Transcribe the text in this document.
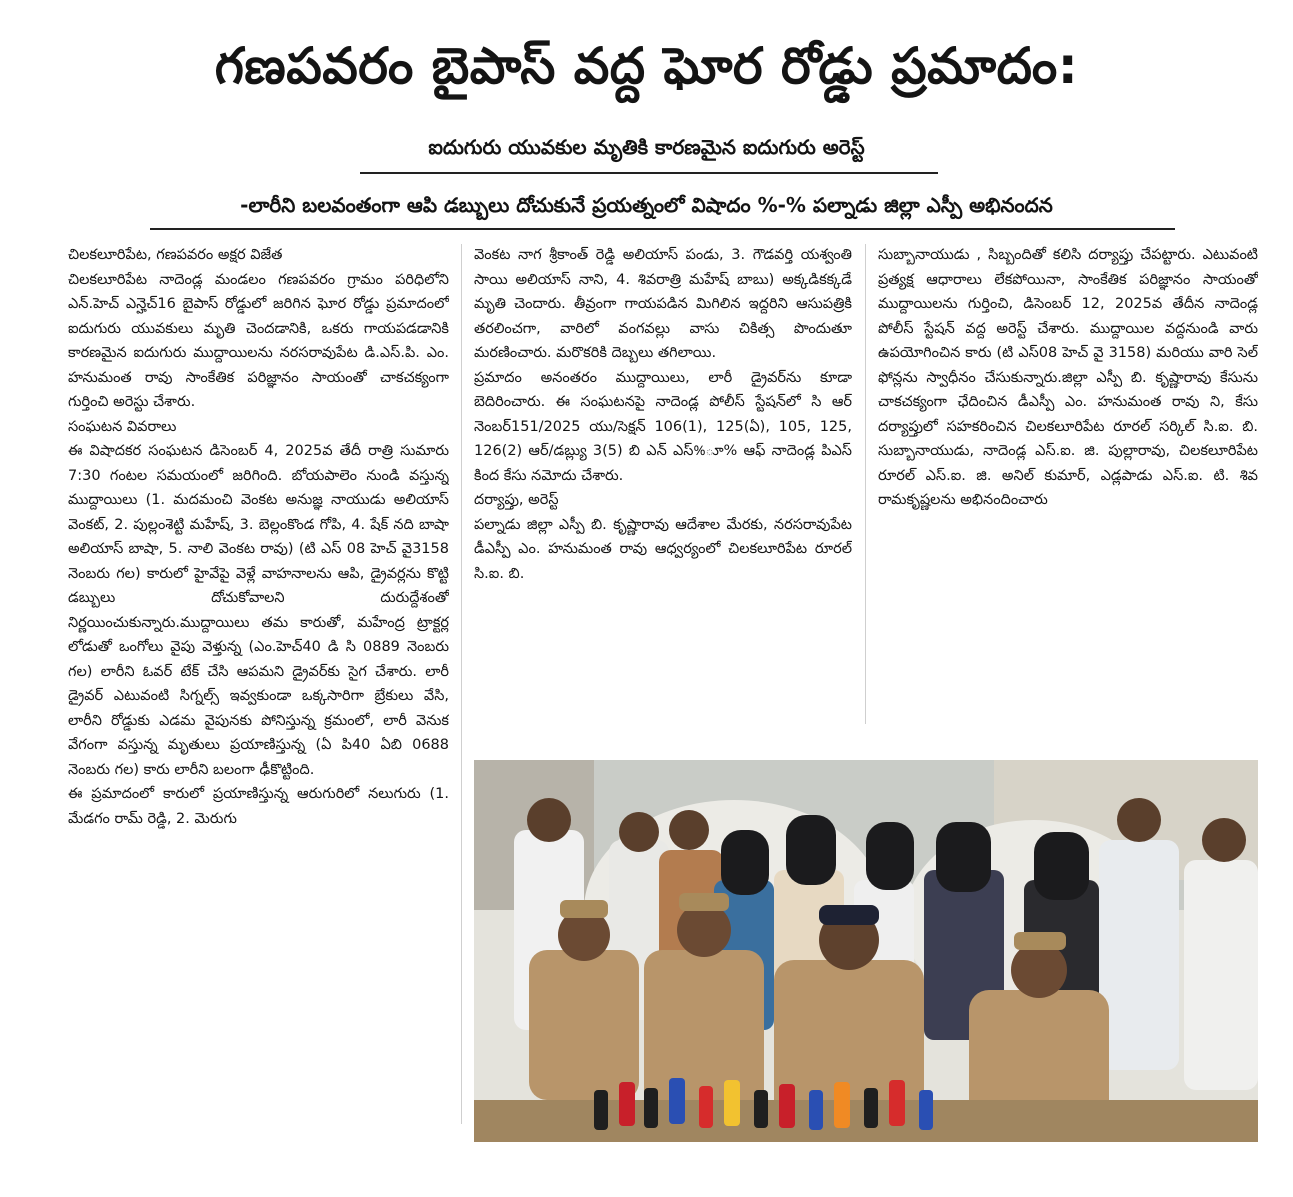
గణపవరం బైపాస్ వద్ద ఘోర రోడ్డు ప్రమాదం:
ఐదుగురు యువకుల మృతికి కారణమైన ఐదుగురు అరెస్ట్
-లారీని బలవంతంగా ఆపి డబ్బులు దోచుకునే ప్రయత్నంలో విషాదం %-% పల్నాడు జిల్లా ఎస్పీ అభినందన

చిలకలూరిపేట, గణపవరం అక్షర విజేత

చిలకలూరిపేట నాదెండ్ల మండలం గణపవరం గ్రామం పరిధిలోని ఎన్.హెచ్ ఎన్హెచ్16 బైపాస్ రోడ్డులో జరిగిన ఘోర రోడ్డు ప్రమాదంలో ఐదుగురు యువకులు మృతి చెందడానికి, ఒకరు గాయపడడానికి కారణమైన ఐదుగురు ముద్దాయిలను నరసరావుపేట డి.ఎస్.పి. ఎం. హనుమంత రావు సాంకేతిక పరిజ్ఞానం సాయంతో చాకచక్యంగా గుర్తించి అరెస్టు చేశారు.

సంఘటన వివరాలు

ఈ విషాదకర సంఘటన డిసెంబర్ 4, 2025వ తేదీ రాత్రి సుమారు 7:30 గంటల సమయంలో జరిగింది. బోయపాలెం నుండి వస్తున్న ముద్దాయిలు (1. మదమంచి వెంకట అనుజ్ఞ నాయుడు అలియాస్ వెంకట్, 2. పుల్లంశెట్టి మహేష్, 3. బెల్లంకొండ గోపి, 4. షేక్ నది బాషా అలియాస్ బాషా, 5. నాలి వెంకట రావు) (టి ఎస్ 08 హెచ్ వై3158 నెంబరు గల) కారులో హైవేపై వెళ్లే వాహనాలను ఆపి, డ్రైవర్లను కొట్టి డబ్బులు దోచుకోవాలని దురుద్దేశంతో నిర్ణయించుకున్నారు.ముద్దాయిలు తమ కారుతో, మహేంద్ర ట్రాక్టర్ల లోడుతో ఒంగోలు వైపు వెళ్తున్న (ఎం.హెచ్40 డి సి 0889 నెంబరు గల) లారీని ఓవర్ టేక్ చేసి ఆపమని డ్రైవర్‌కు సైగ చేశారు. లారీ డ్రైవర్ ఎటువంటి సిగ్నల్స్ ఇవ్వకుండా ఒక్కసారిగా బ్రేకులు వేసి, లారీని రోడ్డుకు ఎడమ వైపునకు పోనిస్తున్న క్రమంలో, లారీ వెనుక వేగంగా వస్తున్న మృతులు ప్రయాణిస్తున్న (ఏ పి40 ఏబి 0688 నెంబరు గల) కారు లారీని బలంగా ఢీకొట్టింది.

ఈ ప్రమాదంలో కారులో ప్రయాణిస్తున్న ఆరుగురిలో నలుగురు (1. మేడగం రామ్ రెడ్డి, 2. మెరుగు

వెంకట నాగ శ్రీకాంత్ రెడ్డి అలియాస్ పండు, 3. గౌడవర్తి యశ్వంతి సాయి అలియాస్ నాని, 4. శివరాత్రి మహేష్ బాబు) అక్కడికక్కడే మృతి చెందారు. తీవ్రంగా గాయపడిన మిగిలిన ఇద్దరిని ఆసుపత్రికి తరలించగా, వారిలో వంగవల్లు వాసు చికిత్స పొందుతూ మరణించారు. మరొకరికి దెబ్బలు తగిలాయి.

ప్రమాదం అనంతరం ముద్దాయిలు, లారీ డ్రైవర్‌ను కూడా బెదిరించారు. ఈ సంఘటనపై నాదెండ్ల పోలీస్ స్టేషన్‌లో సి ఆర్ నెంబర్151/2025 యు/సెక్షన్ 106(1), 125(ఏ), 105, 125, 126(2) ఆర్/డబ్ల్యు 3(5) బి ఎన్ ఎస్%ూ% ఆఫ్ నాదెండ్ల పిఎస్ కింద కేసు నమోదు చేశారు.

దర్యాప్తు, అరెస్ట్

పల్నాడు జిల్లా ఎస్పీ బి. కృష్ణారావు ఆదేశాల మేరకు, నరసరావుపేట డీఎస్పీ ఎం. హనుమంత రావు ఆధ్వర్యంలో చిలకలూరిపేట రూరల్ సి.ఐ. బి.

సుబ్బానాయుడు , సిబ్బందితో కలిసి దర్యాప్తు చేపట్టారు. ఎటువంటి ప్రత్యక్ష ఆధారాలు లేకపోయినా, సాంకేతిక పరిజ్ఞానం సాయంతో ముద్దాయిలను గుర్తించి, డిసెంబర్ 12, 2025వ తేదీన నాదెండ్ల పోలీస్ స్టేషన్ వద్ద అరెస్ట్ చేశారు. ముద్దాయిల వద్దనుండి వారు ఉపయోగించిన కారు (టి ఎస్08 హెచ్ వై 3158) మరియు వారి సెల్ ఫోన్లను స్వాధీనం చేసుకున్నారు.జిల్లా ఎస్పీ బి. కృష్ణారావు కేసును చాకచక్యంగా ఛేదించిన డీఎస్పీ ఎం. హనుమంత రావు ని, కేసు దర్యాప్తులో సహకరించిన చిలకలూరిపేట రూరల్ సర్కిల్ సి.ఐ. బి. సుబ్బానాయుడు, నాదెండ్ల ఎస్.ఐ. జి. పుల్లారావు, చిలకలూరిపేట రూరల్ ఎస్.ఐ. జి. అనిల్ కుమార్, ఎడ్లపాడు ఎస్.ఐ. టి. శివ రామకృష్ణలను అభినందించారు
